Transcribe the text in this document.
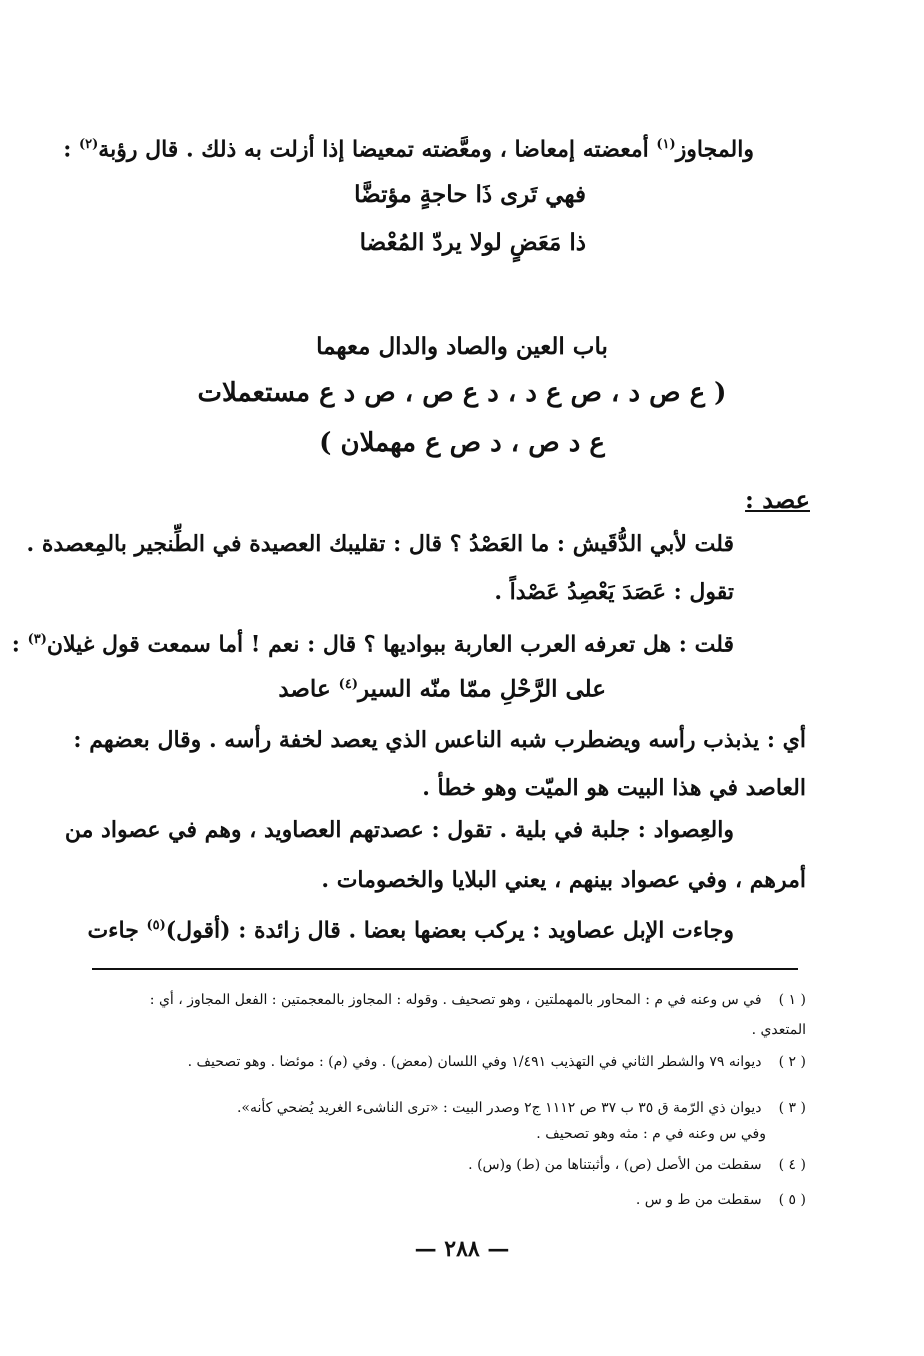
والمجاوز$^{(١)}$ أمعضته إمعاضا ، ومعَّضته تمعيضا إذا أزلت به ذلك . قال رؤبة$^{(٢)}$ :
فهي تَرى ذَا حاجةٍ مؤتضَّا
ذا مَعَضٍ لولا يردّ المُعْضا
باب العين والصاد والدال معهما
( ع ص د ، ص ع د ، د ع ص ، ص د ع مستعملات
ع د ص ، د ص ع مهملان )
عصد :
قلت لأبي الدُّقَيش : ما العَصْدُ ؟ قال : تقليبك العصيدة في الطِّنجير بالمِعصدة .
تقول : عَصَدَ يَعْصِدُ عَصْداً .
قلت : هل تعرفه العرب العاربة ببواديها ؟ قال : نعم ! أما سمعت قول غيلان$^{(٣)}$ :
على الرَّحْلِ ممّا منّه السير$^{(٤)}$ عاصد
أي : يذبذب رأسه ويضطرب شبه الناعس الذي يعصد لخفة رأسه . وقال بعضهم :
العاصد في هذا البيت هو الميّت وهو خطأ .
والعِصواد : جلبة في بلية . تقول : عصدتهم العصاويد ، وهم في عصواد من
أمرهم ، وفي عصواد بينهم ، يعني البلايا والخصومات .
وجاءت الإبل عصاويد : يركب بعضها بعضا . قال زائدة : (أقول)$^{(٥)}$ جاءت
( ١ ) في س وعنه في م : المحاور بالمهملتين ، وهو تصحيف . وقوله : المجاوز بالمعجمتين : الفعل المجاوز ، أي :
المتعدي .
( ٢ ) ديوانه ٧٩ والشطر الثاني في التهذيب ١/٤٩١ وفي اللسان (معض) . وفي (م) : موئضا . وهو تصحيف .
( ٣ ) ديوان ذي الرّمة ق ٣٥ ب ٣٧ ص ١١١٢ ج٢ وصدر البيت : «ترى الناشىء الغريد يُضحي كأنه».
وفي س وعنه في م : مثه وهو تصحيف .
( ٤ ) سقطت من الأصل (ص) ، وأثبتناها من (ط) و(س) .
( ٥ ) سقطت من ط و س .
— ٢٨٨ —
